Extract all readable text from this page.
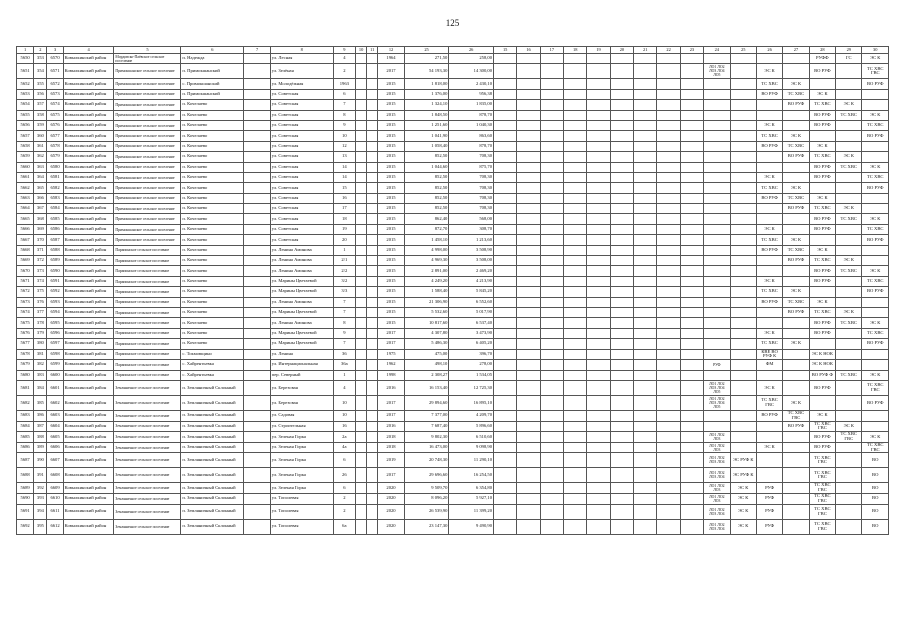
125
1	2	3	4	5	6	7	8	9	10	11	12	25	26	15	16	17	18	19	20	21	22	23	24	25	26	27	28	29	30
5650	353	6570	Ковылкинский район	Мордовско-Паёвское сельское поселение	п. Надежда		ул. Лесная	4			1964	271,50	258,00														РУФФ	ГС	ЭС К
5651	354	6571	Ковылкинский район	Примокшанское сельское поселение	п. Примокшанский		ул. Зелёная	2			2017	54 193,30	14 300,00										ЛО1 ЛО2 ЛО3 ЛО4 ЛО5		ЭС К		ВО РУФ		ТС ХВС ГВС
5652	355	6572	Ковылкинский район	Примокшанское сельское поселение	с. Примокшанский		ул. Молодёжная	1963			2015	1 818,00	2 430,10												ТС ХВС	ЭС К			ВО РУФ
5653	356	6573	Ковылкинский район	Примокшанское сельское поселение	п. Примокшанский		ул. Советская	6			2015	1 376,00	956,38												ВО РУФ	ТС ХВС	ЭС К		
5654	357	6574	Ковылкинский район	Примокшанское сельское поселение	п. Кочелаево		ул. Советская	7			2015	1 324,10	1 835,00													ВО РУФ	ТС ХВС	ЭС К	
5655	358	6575	Ковылкинский район	Примокшанское сельское поселение	п. Кочелаево		ул. Советская	8			2015	1 848,50	878,70														ВО РУФ	ТС ХВС	ЭС К
5656	359	6576	Ковылкинский район	Примокшанское сельское поселение	п. Кочелаево		ул. Советская	9			2015	1 251,60	1 040,30												ЭС К		ВО РУФ		ТС ХВС
5657	360	6577	Ковылкинский район	Примокшанское сельское поселение	п. Кочелаево		ул. Советская	10			2015	1 041,90	863,60												ТС ХВС	ЭС К			ВО РУФ
5658	361	6578	Ковылкинский район	Примокшанское сельское поселение	п. Кочелаево		ул. Советская	12			2015	1 058,40	878,70												ВО РУФ	ТС ХВС	ЭС К		
5659	362	6579	Ковылкинский район	Примокшанское сельское поселение	п. Кочелаево		ул. Советская	13			2015	852,50	708,30													ВО РУФ	ТС ХВС	ЭС К	
5660	363	6580	Ковылкинский район	Примокшанское сельское поселение	п. Кочелаево		ул. Советская	14			2015	1 044,60	875,70														ВО РУФ	ТС ХВС	ЭС К
5661	364	6581	Ковылкинский район	Примокшанское сельское поселение	п. Кочелаево		ул. Советская	14			2015	852,50	708,30												ЭС К		ВО РУФ		ТС ХВС
5662	365	6582	Ковылкинский район	Примокшанское сельское поселение	п. Кочелаево		ул. Советская	15			2015	852,50	708,30												ТС ХВС	ЭС К			ВО РУФ
5663	366	6583	Ковылкинский район	Примокшанское сельское поселение	п. Кочелаево		ул. Советская	16			2015	852,50	708,30												ВО РУФ	ТС ХВС	ЭС К		
5664	367	6584	Ковылкинский район	Примокшанское сельское поселение	п. Кочелаево		ул. Советская	17			2015	852,50	708,30													ВО РУФ	ТС ХВС	ЭС К	
5665	368	6585	Ковылкинский район	Примокшанское сельское поселение	п. Кочелаево		ул. Советская	18			2015	862,40	568,00														ВО РУФ	ТС ХВС	ЭС К
5666	369	6586	Ковылкинский район	Примокшанское сельское поселение	п. Кочелаево		ул. Советская	19			2015	872,70	308,70												ЭС К		ВО РУФ		ТС ХВС
5667	370	6587	Ковылкинский район	Примокшанское сельское поселение	п. Кочелаево		ул. Советская	20			2015	1 458,10	1 213,60												ТС ХВС	ЭС К			ВО РУФ
5668	371	6588	Ковылкинский район	Парапинское сельское поселение	п. Кочелаево		ул. Ленина Аминова	1			2015	4 998,00	3 508,90												ВО РУФ	ТС ХВС	ЭС К		
5669	372	6589	Ковылкинский район	Парапинское сельское поселение	п. Кочелаево		ул. Ленина Аминова	2/1			2015	4 969,30	3 508,00													ВО РУФ	ТС ХВС	ЭС К	
5670	373	6590	Ковылкинский район	Парапинское сельское поселение	п. Кочелаево		ул. Ленина Аминова	2/2			2015	2 891,00	2 469,20														ВО РУФ	ТС ХВС	ЭС К
5671	374	6591	Ковылкинский район	Парапинское сельское поселение	п. Кочелаево		ул. Марины Цветаевой	3/2			2015	4 249,20	4 213,90												ЭС К		ВО РУФ		ТС ХВС
5672	375	6592	Ковылкинский район	Парапинское сельское поселение	п. Кочелаево		ул. Марины Цветаевой	3/3			2015	1 588,40	5 845,20												ТС ХВС	ЭС К			ВО РУФ
5673	376	6593	Ковылкинский район	Парапинское сельское поселение	п. Кочелаево		ул. Ленина Аминова	7			2015	21 306,90	6 552,60												ВО РУФ	ТС ХВС	ЭС К		
5674	377	6594	Ковылкинский район	Парапинское сельское поселение	п. Кочелаево		ул. Марины Цветаевой	7			2015	5 532,60	5 017,90													ВО РУФ	ТС ХВС	ЭС К	
5675	378	6595	Ковылкинский район	Парапинское сельское поселение	п. Кочелаево		ул. Ленина Аминова	8			2015	10 817,60	6 537,40														ВО РУФ	ТС ХВС	ЭС К
5676	379	6596	Ковылкинский район	Парапинское сельское поселение	п. Кочелаево		ул. Марины Цветаевой	9			2017	4 307,80	3 473,90												ЭС К		ВО РУФ		ТС ХВС
5677	380	6597	Ковылкинский район	Парапинское сельское поселение	п. Кочелаево		ул. Марины Цветаевой	7			2017	5 486,30	6 405,20												ТС ХВС	ЭС К			ВО РУФ
5678	381	6598	Ковылкинский район	Парапинское сельское поселение	с. Токмовщино		ул. Ленина	36			1975	475,00	396,70												КВЕ ВО РУФ К		ЭС К НОК		
5679	382	6599	Ковылкинский район	Парапинское сельское поселение	с. Хайрентьевка		ул. Интернациональная	36а			1962	498,10	278,00										РУФ		ФМ		ЭС К НОК		
5680	383	6600	Ковылкинский район	Парапинское сельское поселение	с. Хайрентьевка		пер. Северный	1			1998	2 308,27	1 534,05														ВО РУФ Ф	ТС ХВС	ЭС К
5681	384	6601	Ковылкинский район	Земляничное сельское поселение	п. Земляничный Склонный		ул. Березовая	4			2016	16 153,40	12 725,30										ЛО1 ЛО2 ЛО3 ЛО4 ЛО5		ЭС К		ВО РУФ		ТС ХВС ГВС
5682	385	6602	Ковылкинский район	Земляничное сельское поселение	п. Земляничный Склонный		ул. Березовая	10			2017	29 894,60	16 895,10										ЛО1 ЛО2 ЛО3 ЛО4 ЛО5		ТС ХВС ГВС	ЭС К			ВО РУФ
5683	386	6603	Ковылкинский район	Земляничное сельское поселение	п. Земляничный Склонный		ул. Садовая	10			2017	7 377,00	4 209,70												ВО РУФ	ТС ХВС ГВС	ЭС К		
5684	387	6604	Ковылкинский район	Земляничное сельское поселение	п. Земляничный Склонный		ул. Строительная	16			2016	7 687,40	5 896,60													ВО РУФ	ТС ХВС ГВС	ЭС К	
5685	388	6605	Ковылкинский район	Земляничное сельское поселение	п. Земляничный Склонный		ул. Зеленая Горка	2а			2018	9 802,30	6 510,60										ЛО1 ЛО2 ЛО3				ВО РУФ	ТС ХВС ГВС	ЭС К
5686	389	6606	Ковылкинский район	Земляничное сельское поселение	п. Земляничный Склонный		ул. Зеленая Горка	4а			2018	16 473,00	9 098,90										ЛО1 ЛО2 ЛО3		ЭС К		ВО РУФ		ТС ХВС ГВС
5687	390	6607	Ковылкинский район	Земляничное сельское поселение	п. Земляничный Склонный		ул. Зеленая Горка	6			2019	20 748,30	11 290,10										ЛО1 ЛО2 ЛО3 ЛО4	ЭС РУФ К			ТС ХВС ГВС		ВО
5688	391	6608	Ковылкинский район	Земляничное сельское поселение	п. Земляничный Склонный		ул. Зеленая Горка	26			2017	29 696,60	16 254,50										ЛО1 ЛО2 ЛО3 ЛО4	ЭС РУФ К			ТС ХВС ГВС		ВО
5689	392	6609	Ковылкинский район	Земляничное сельское поселение	п. Земляничный Склонный		ул. Зеленая Горка	6			2020	9 509,70	6 354,80										ЛО1 ЛО2 ЛО3	ЭС К	РУФ		ТС ХВС ГВС		ВО
5690	393	6610	Ковылкинский район	Земляничное сельское поселение	п. Земляничный Склонный		ул. Тополевая	2			2020	8 096,20	5 927,10										ЛО1 ЛО2 ЛО3	ЭС К	РУФ		ТС ХВС ГВС		ВО
5691	394	6611	Ковылкинский район	Земляничное сельское поселение	п. Земляничный Склонный		ул. Тополевая	2			2020	26 539,90	11 399,20										ЛО1 ЛО2 ЛО3 ЛО4	ЭС К	РУФ		ТС ХВС ГВС		ВО
5692	395	6612	Ковылкинский район	Земляничное сельское поселение	п. Земляничный Склонный		ул. Тополевая	6а			2020	23 147,30	9 490,90										ЛО1 ЛО2 ЛО3 ЛО4	ЭС К	РУФ		ТС ХВС ГВС		ВО
